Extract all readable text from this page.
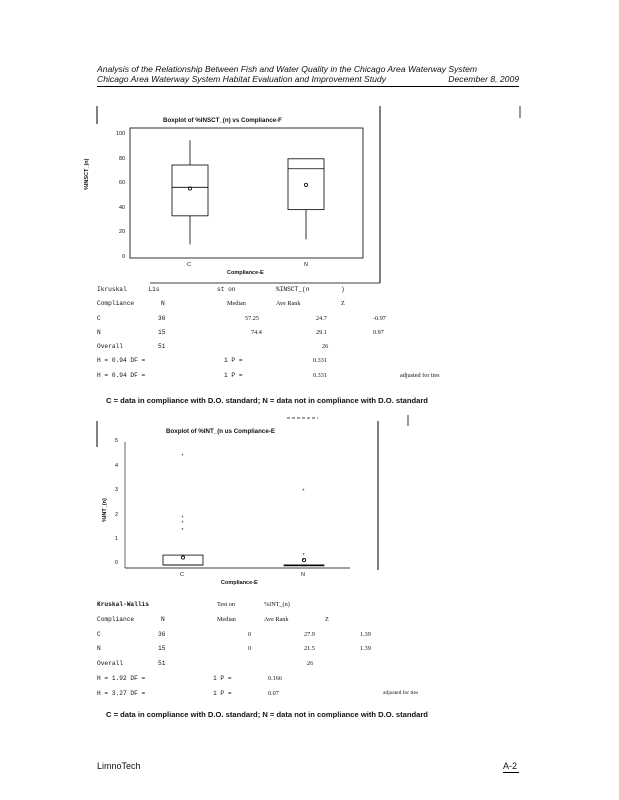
Analysis of the Relationship Between Fish and Water Quality in the Chicago Area Waterway System
Chicago Area Waterway System Habitat Evaluation and Improvement Study	December 8, 2009
*
*
*
*
*
*
*
Boxplot of %INSCT_(n) vs Compliance-F
100
80
60
40
20
0
C	N
Compliance-E
%INSCT_(n)
Ikruskal	Lis	st on	%INSCT_(n	)
Compliance	N	Median	Ave Rank	Z
C	36	57.25	24.7	-0.97
N	15	74.4	29.1	0.97
Overall	51	26
H = 0.94 DF =	1 P =	0.331
H = 0.94 DF =	1 P =	0.331	adjusted for ties
C = data in compliance with D.O. standard; N = data not in compliance with D.O. standard
Boxplot of %INT_(n us Compliance-E
5
4
3
2
1
0
C	N
Compliance-E
%INT_(n)
Kruskal-Wallis	Test on	%INT_(n)
Compliance	N	Median	Ave Rank	Z
C	36	0	27.9	1.39
N	15	0	21.5	1.39
Overall	51	26
H = 1.92 DF =	1 P =	0.166
H = 3.27 DF =	1 P =	0.07	adjusted for ties
C = data in compliance with D.O. standard; N = data not in compliance with D.O. standard
LimnoTech	A-2
